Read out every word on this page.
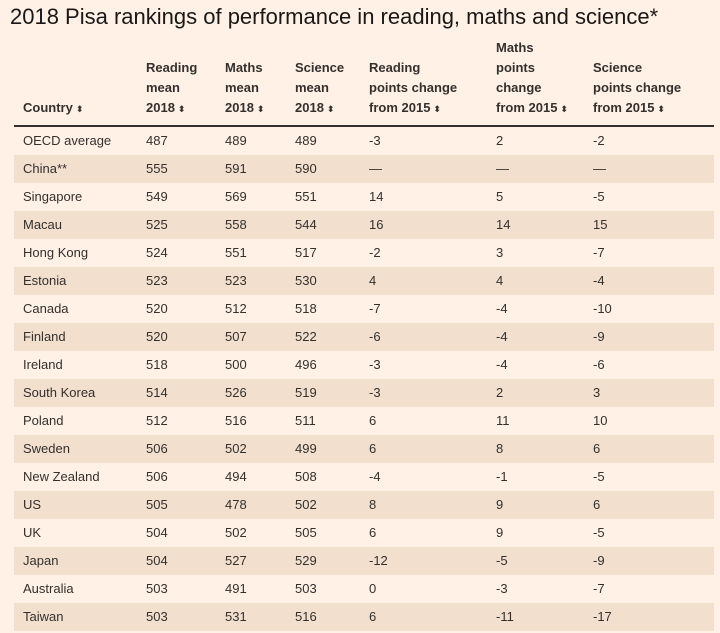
2018 Pisa rankings of performance in reading, maths and science*
Country ⬍	Reading
mean
2018 ⬍	Maths
mean
2018 ⬍	Science
mean
2018 ⬍	Reading
points change
from 2015 ⬍	Maths
points
change
from 2015 ⬍	Science
points change
from 2015 ⬍
OECD average	487	489	489	-3	2	-2
China**	555	591	590	—	—	—
Singapore	549	569	551	14	5	-5
Macau	525	558	544	16	14	15
Hong Kong	524	551	517	-2	3	-7
Estonia	523	523	530	4	4	-4
Canada	520	512	518	-7	-4	-10
Finland	520	507	522	-6	-4	-9
Ireland	518	500	496	-3	-4	-6
South Korea	514	526	519	-3	2	3
Poland	512	516	511	6	11	10
Sweden	506	502	499	6	8	6
New Zealand	506	494	508	-4	-1	-5
US	505	478	502	8	9	6
UK	504	502	505	6	9	-5
Japan	504	527	529	-12	-5	-9
Australia	503	491	503	0	-3	-7
Taiwan	503	531	516	6	-11	-17
